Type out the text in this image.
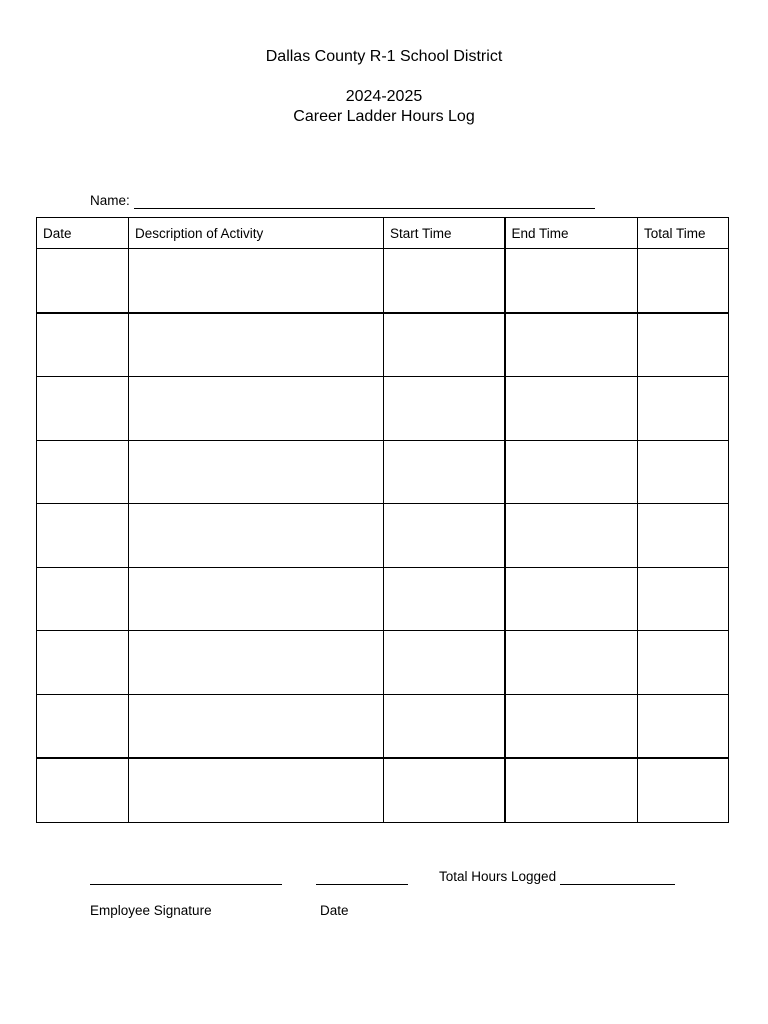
Dallas County R-1 School District
2024-2025
Career Ladder Hours Log
Name:
Date	Description of Activity	Start Time	End Time	Total Time

Total Hours Logged
Employee Signature	Date
